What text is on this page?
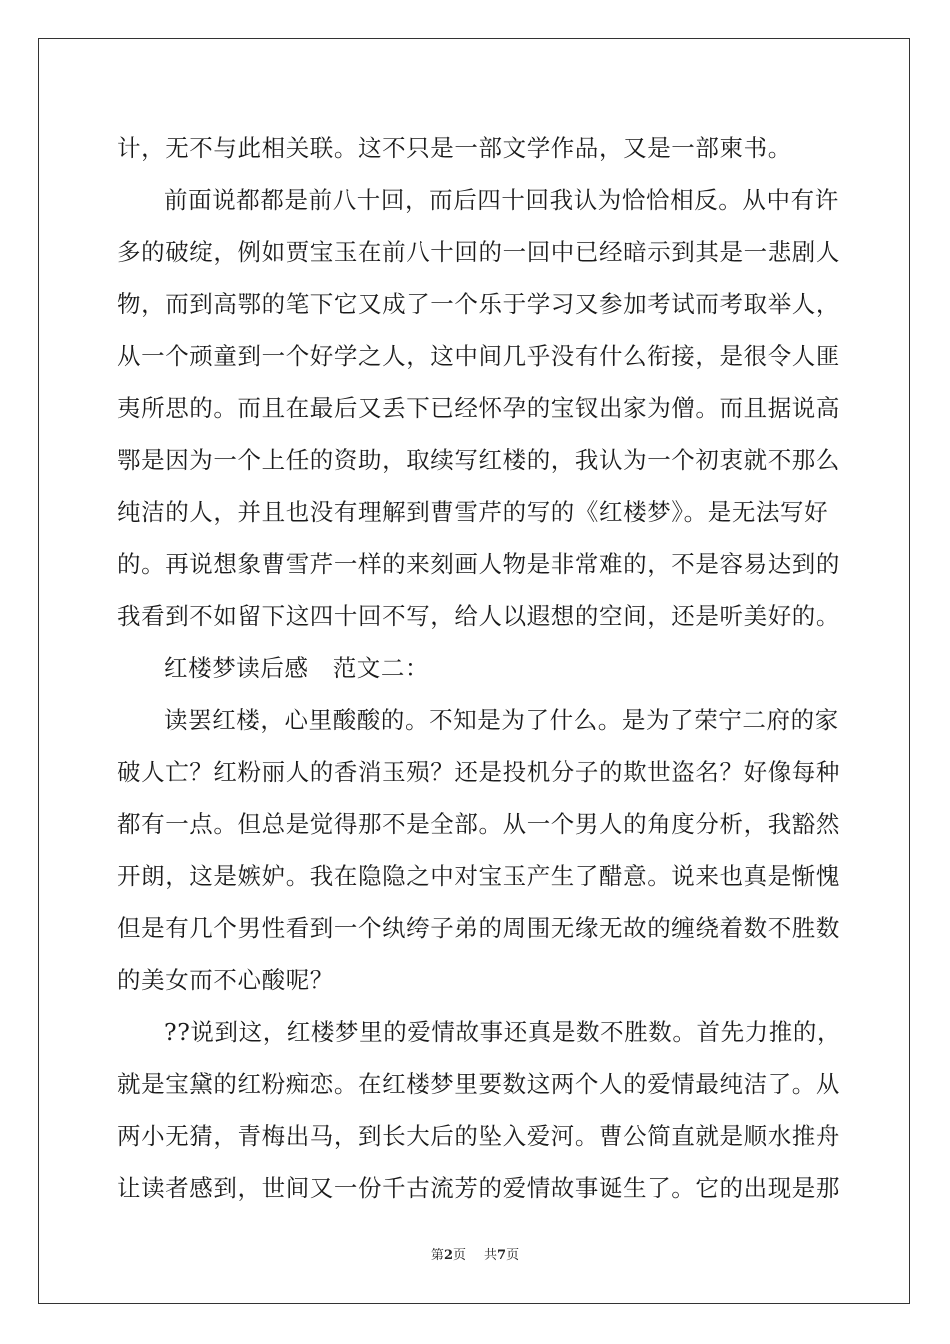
计，无不与此相关联。这不只是一部文学作品，又是一部柬书。
前面说都都是前八十回，而后四十回我认为恰恰相反。从中有许
多的破绽，例如贾宝玉在前八十回的一回中已经暗示到其是一悲剧人
物，而到高鄂的笔下它又成了一个乐于学习又参加考试而考取举人，
从一个顽童到一个好学之人，这中间几乎没有什么衔接，是很令人匪
夷所思的。而且在最后又丢下已经怀孕的宝钗出家为僧。而且据说高
鄂是因为一个上任的资助，取续写红楼的，我认为一个初衷就不那么
纯洁的人，并且也没有理解到曹雪芹的写的《红楼梦》。是无法写好
的。再说想象曹雪芹一样的来刻画人物是非常难的，不是容易达到的
我看到不如留下这四十回不写，给人以遐想的空间，还是听美好的。
红楼梦读后感　范文二：
读罢红楼，心里酸酸的。不知是为了什么。是为了荣宁二府的家
破人亡？红粉丽人的香消玉殒？还是投机分子的欺世盗名？好像每种
都有一点。但总是觉得那不是全部。从一个男人的角度分析，我豁然
开朗，这是嫉妒。我在隐隐之中对宝玉产生了醋意。说来也真是惭愧
但是有几个男性看到一个纨绔子弟的周围无缘无故的缠绕着数不胜数
的美女而不心酸呢？
??说到这，红楼梦里的爱情故事还真是数不胜数。首先力推的，
就是宝黛的红粉痴恋。在红楼梦里要数这两个人的爱情最纯洁了。从
两小无猜，青梅出马，到长大后的坠入爱河。曹公简直就是顺水推舟
让读者感到，世间又一份千古流芳的爱情故事诞生了。它的出现是那
第2页 共7页
